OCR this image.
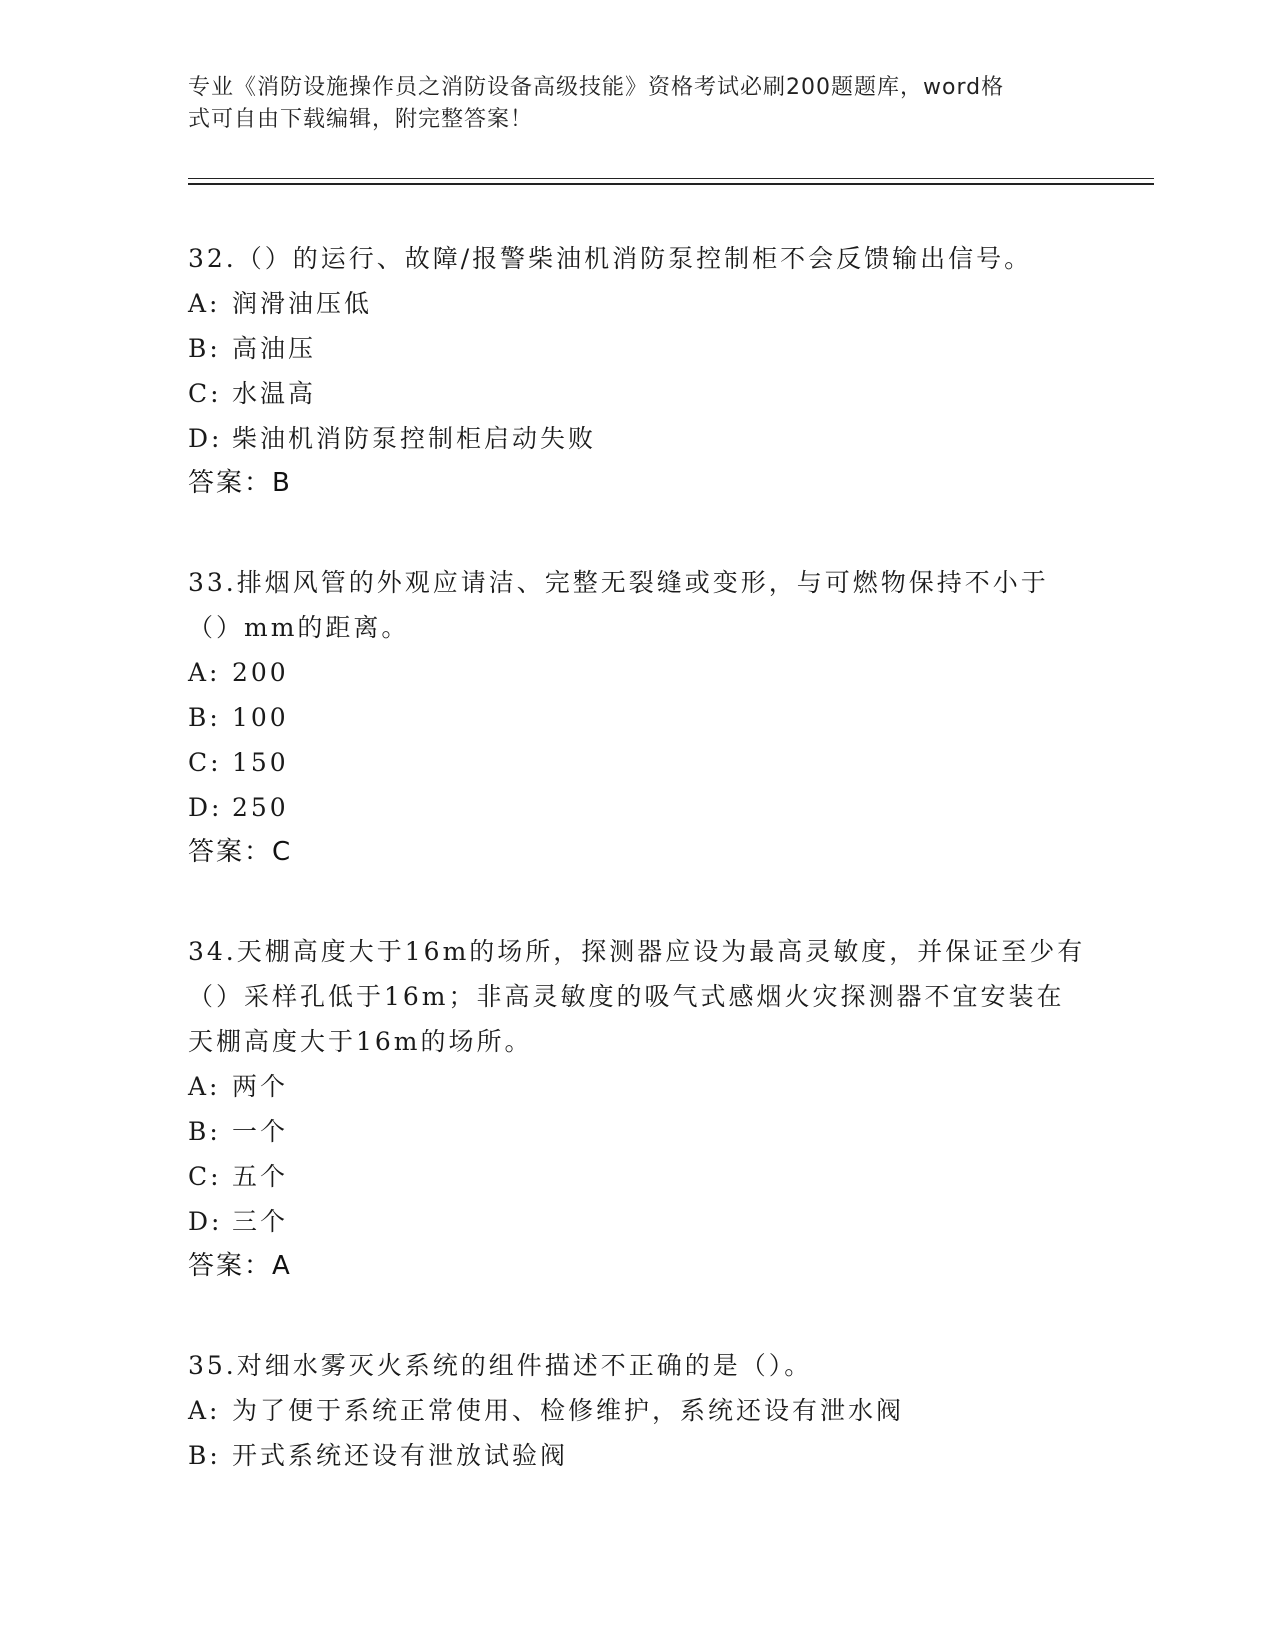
专业《消防设施操作员之消防设备高级技能》资格考试必刷200题题库，word格
式可自由下载编辑，附完整答案！

32.（）的运行、故障/报警柴油机消防泵控制柜不会反馈输出信号。

A: 润滑油压低

B: 高油压

C: 水温高

D: 柴油机消防泵控制柜启动失败

答案：B

33.排烟风管的外观应请洁、完整无裂缝或变形，与可燃物保持不小于（）mm的距离。

A: 200

B: 100

C: 150

D: 250

答案：C

34.天棚高度大于16m的场所，探测器应设为最高灵敏度，并保证至少有（）采样孔低于16m；非高灵敏度的吸气式感烟火灾探测器不宜安装在天棚高度大于16m的场所。

A: 两个

B: 一个

C: 五个

D: 三个

答案：A

35.对细水雾灭火系统的组件描述不正确的是（）。

A: 为了便于系统正常使用、检修维护，系统还设有泄水阀

B: 开式系统还设有泄放试验阀
